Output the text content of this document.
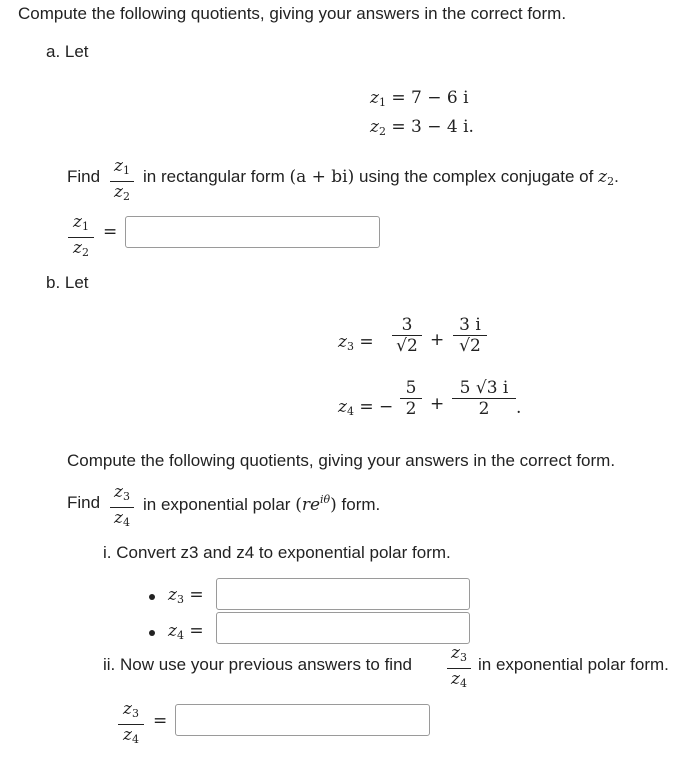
Compute the following quotients, giving your answers in the correct form.
a. Let
$z_1 = 7 - 6$ i
$z_2 = 3 - 4$ i.
Find
$z_1$
$z_2$
in rectangular form (a + bi) using the complex conjugate of $z_2$.
$z_1$
$z_2$
=
b. Let
$z_3$ =
3
√2 +
3 i
√2
$z_4$ = −
5
2 +
5 √3 i
2	.
Compute the following quotients, giving your answers in the correct form.
Find
$z_3$
$z_4$
in exponential polar $(re^{i\theta})$ form.
i. Convert z3 and z4 to exponential polar form.
$z_3$ =
$z_4$ =
ii. Now use your previous answers to find
$z_3$
$z_4$
in exponential polar form.
$z_3$
$z_4$
=
